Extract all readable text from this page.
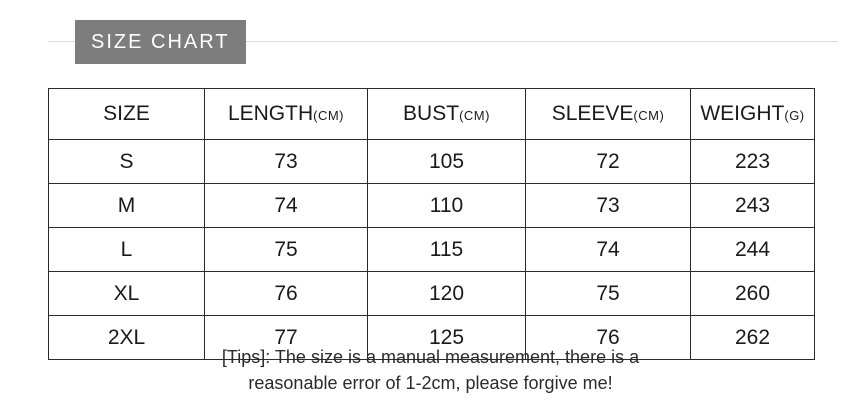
SIZE CHART
SIZE	LENGTH(CM)	BUST(CM)	SLEEVE(CM)	WEIGHT(G)
S	73	105	72	223
M	74	110	73	243
L	75	115	74	244
XL	76	120	75	260
2XL	77	125	76	262
[Tips]: The size is a manual measurement, there is a
reasonable error of 1-2cm, please forgive me!
